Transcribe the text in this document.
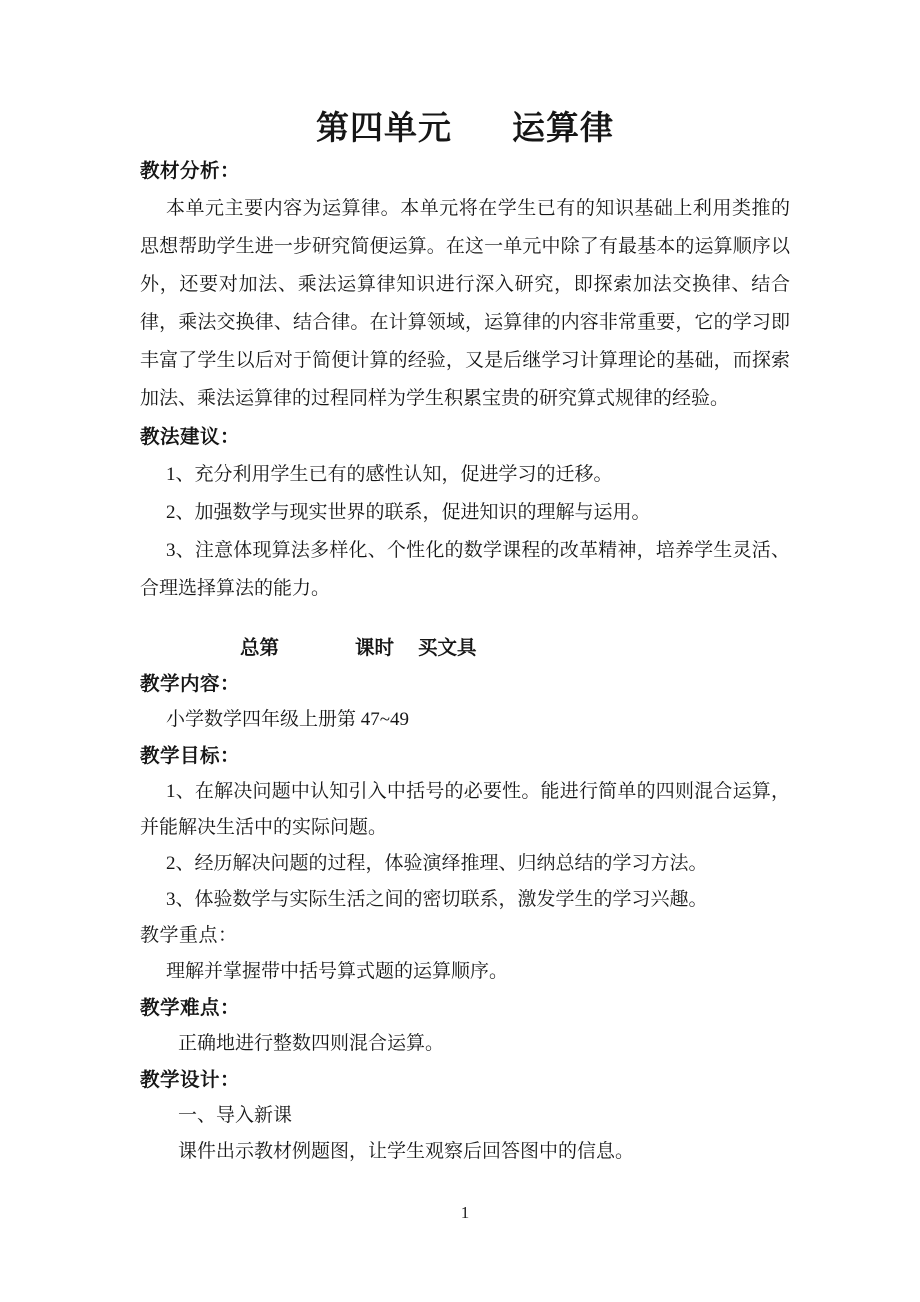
第四单元 运算律

教材分析：

本单元主要内容为运算律。本单元将在学生已有的知识基础上利用类推的思想帮助学生进一步研究简便运算。在这一单元中除了有最基本的运算顺序以外，还要对加法、乘法运算律知识进行深入研究，即探索加法交换律、结合律，乘法交换律、结合律。在计算领域，运算律的内容非常重要，它的学习即丰富了学生以后对于简便计算的经验，又是后继学习计算理论的基础，而探索加法、乘法运算律的过程同样为学生积累宝贵的研究算式规律的经验。

教法建议：

1、充分利用学生已有的感性认知，促进学习的迁移。

2、加强数学与现实世界的联系，促进知识的理解与运用。

3、注意体现算法多样化、个性化的数学课程的改革精神，培养学生灵活、合理选择算法的能力。

总第	课时 买文具

教学内容：

小学数学四年级上册第 47~49

教学目标：

1、在解决问题中认知引入中括号的必要性。能进行简单的四则混合运算，并能解决生活中的实际问题。

2、经历解决问题的过程，体验演绎推理、归纳总结的学习方法。

3、体验数学与实际生活之间的密切联系，激发学生的学习兴趣。

教学重点：

理解并掌握带中括号算式题的运算顺序。

教学难点：

正确地进行整数四则混合运算。

教学设计：

一、导入新课

课件出示教材例题图，让学生观察后回答图中的信息。

1
